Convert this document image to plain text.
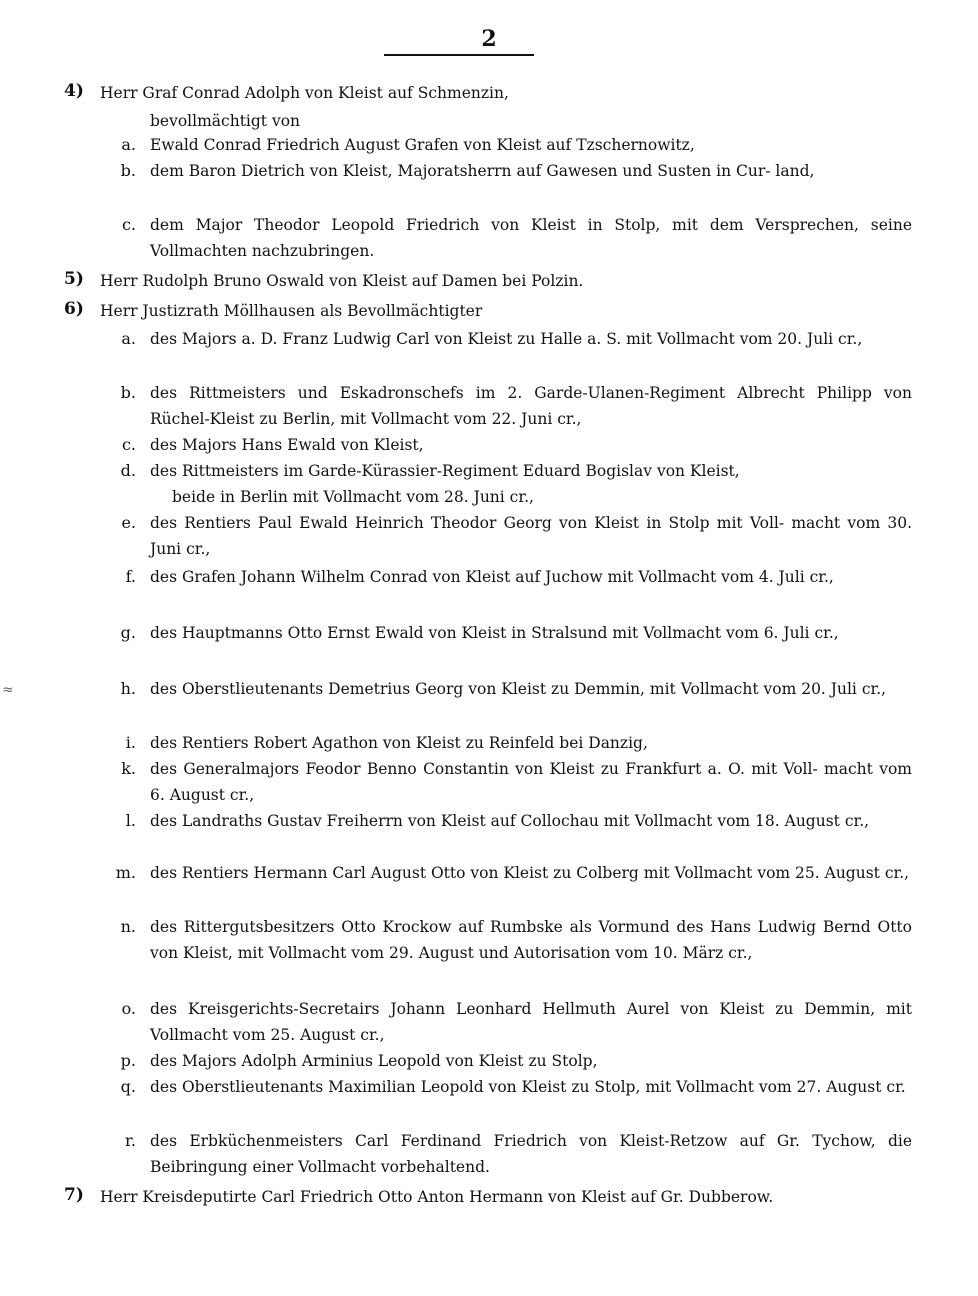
2
4)	Herr Graf Conrad Adolph von Kleist auf Schmenzin,
bevollmächtigt von
a. Ewald Conrad Friedrich August Grafen von Kleist auf Tzschernowitz,
b. dem Baron Dietrich von Kleist, Majoratsherrn auf Gawesen und Susten in Cur- land,
c. dem Major Theodor Leopold Friedrich von Kleist in Stolp, mit dem Versprechen, seine Vollmachten nachzubringen.
5)	Herr Rudolph Bruno Oswald von Kleist auf Damen bei Polzin.
6)	Herr Justizrath Möllhausen als Bevollmächtigter
a. des Majors a. D. Franz Ludwig Carl von Kleist zu Halle a. S. mit Vollmacht vom 20. Juli cr.,
b. des Rittmeisters und Eskadronschefs im 2. Garde-Ulanen-Regiment Albrecht Philipp von Rüchel-Kleist zu Berlin, mit Vollmacht vom 22. Juni cr.,
c. des Majors Hans Ewald von Kleist,
d. des Rittmeisters im Garde-Kürassier-Regiment Eduard Bogislav von Kleist,
beide in Berlin mit Vollmacht vom 28. Juni cr.,
e. des Rentiers Paul Ewald Heinrich Theodor Georg von Kleist in Stolp mit Voll- macht vom 30. Juni cr.,
f. des Grafen Johann Wilhelm Conrad von Kleist auf Juchow mit Vollmacht vom 4. Juli cr.,
g. des Hauptmanns Otto Ernst Ewald von Kleist in Stralsund mit Vollmacht vom 6. Juli cr.,
h. des Oberstlieutenants Demetrius Georg von Kleist zu Demmin, mit Vollmacht vom 20. Juli cr.,
i. des Rentiers Robert Agathon von Kleist zu Reinfeld bei Danzig,
k. des Generalmajors Feodor Benno Constantin von Kleist zu Frankfurt a. O. mit Voll- macht vom 6. August cr.,
l. des Landraths Gustav Freiherrn von Kleist auf Collochau mit Vollmacht vom 18. August cr.,
m. des Rentiers Hermann Carl August Otto von Kleist zu Colberg mit Vollmacht vom 25. August cr.,
n. des Rittergutsbesitzers Otto Krockow auf Rumbske als Vormund des Hans Ludwig Bernd Otto von Kleist, mit Vollmacht vom 29. August und Autorisation vom 10. März cr.,
o. des Kreisgerichts-Secretairs Johann Leonhard Hellmuth Aurel von Kleist zu Demmin, mit Vollmacht vom 25. August cr.,
p. des Majors Adolph Arminius Leopold von Kleist zu Stolp,
q. des Oberstlieutenants Maximilian Leopold von Kleist zu Stolp, mit Vollmacht vom 27. August cr.
r. des Erbküchenmeisters Carl Ferdinand Friedrich von Kleist-Retzow auf Gr. Tychow, die Beibringung einer Vollmacht vorbehaltend.
7)	Herr Kreisdeputirte Carl Friedrich Otto Anton Hermann von Kleist auf Gr. Dubberow.
≈
